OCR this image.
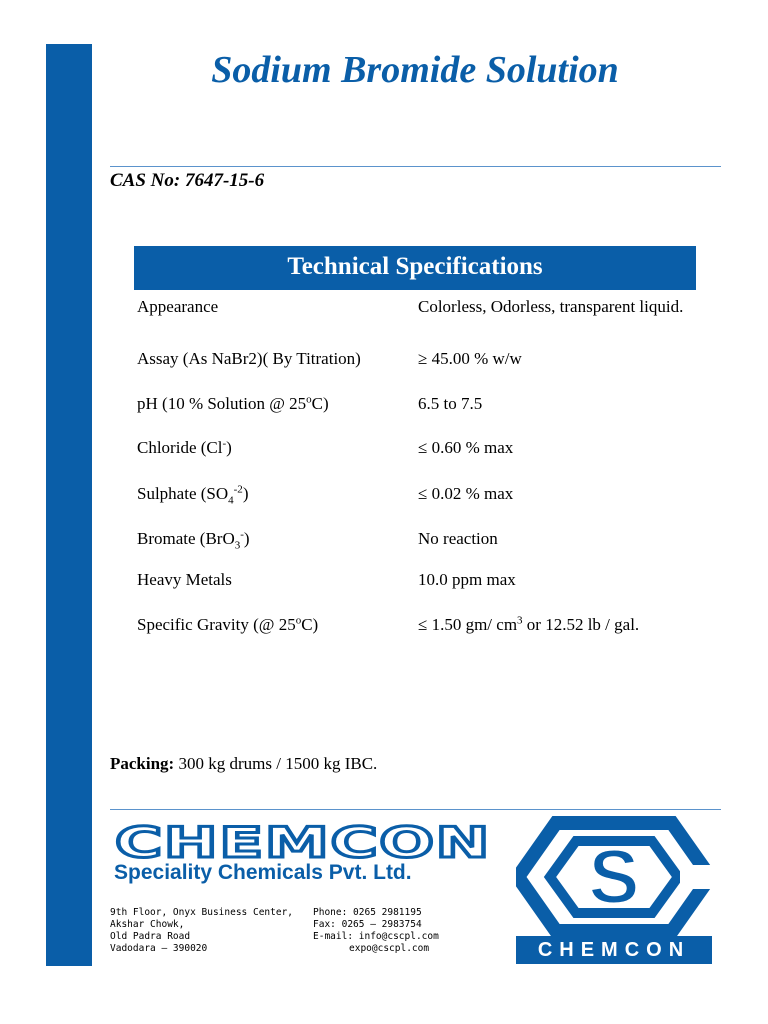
Sodium Bromide Solution
CAS No: 7647-15-6
Technical Specifications
Appearance	Colorless, Odorless, transparent liquid.
Assay (As NaBr2)( By Titration)	≥ 45.00 % w/w
pH (10 % Solution @ 25$^o$C)	6.5 to 7.5
Chloride (Cl-)	≤ 0.60 % max
Sulphate $(SO_4^{-2})$	≤ 0.02 % max
Bromate (BrO$_3$-)	No reaction
Heavy Metals	10.0 ppm max
Specific Gravity (@ $25^oC$)	≤ 1.50 gm/ $cm^3$ or 12.52 lb / gal.
Packing: 300 kg drums / 1500 kg IBC.
CHEMCON
Speciality Chemicals Pvt. Ltd.
9th Floor, Onyx Business Center,
Akshar Chowk,
Old Padra Road
Vadodara – 390020
Phone: 0265 2981195
Fax: 0265 – 2983754
E-mail: info@cscpl.com
expo@cscpl.com
S
CHEMCON
